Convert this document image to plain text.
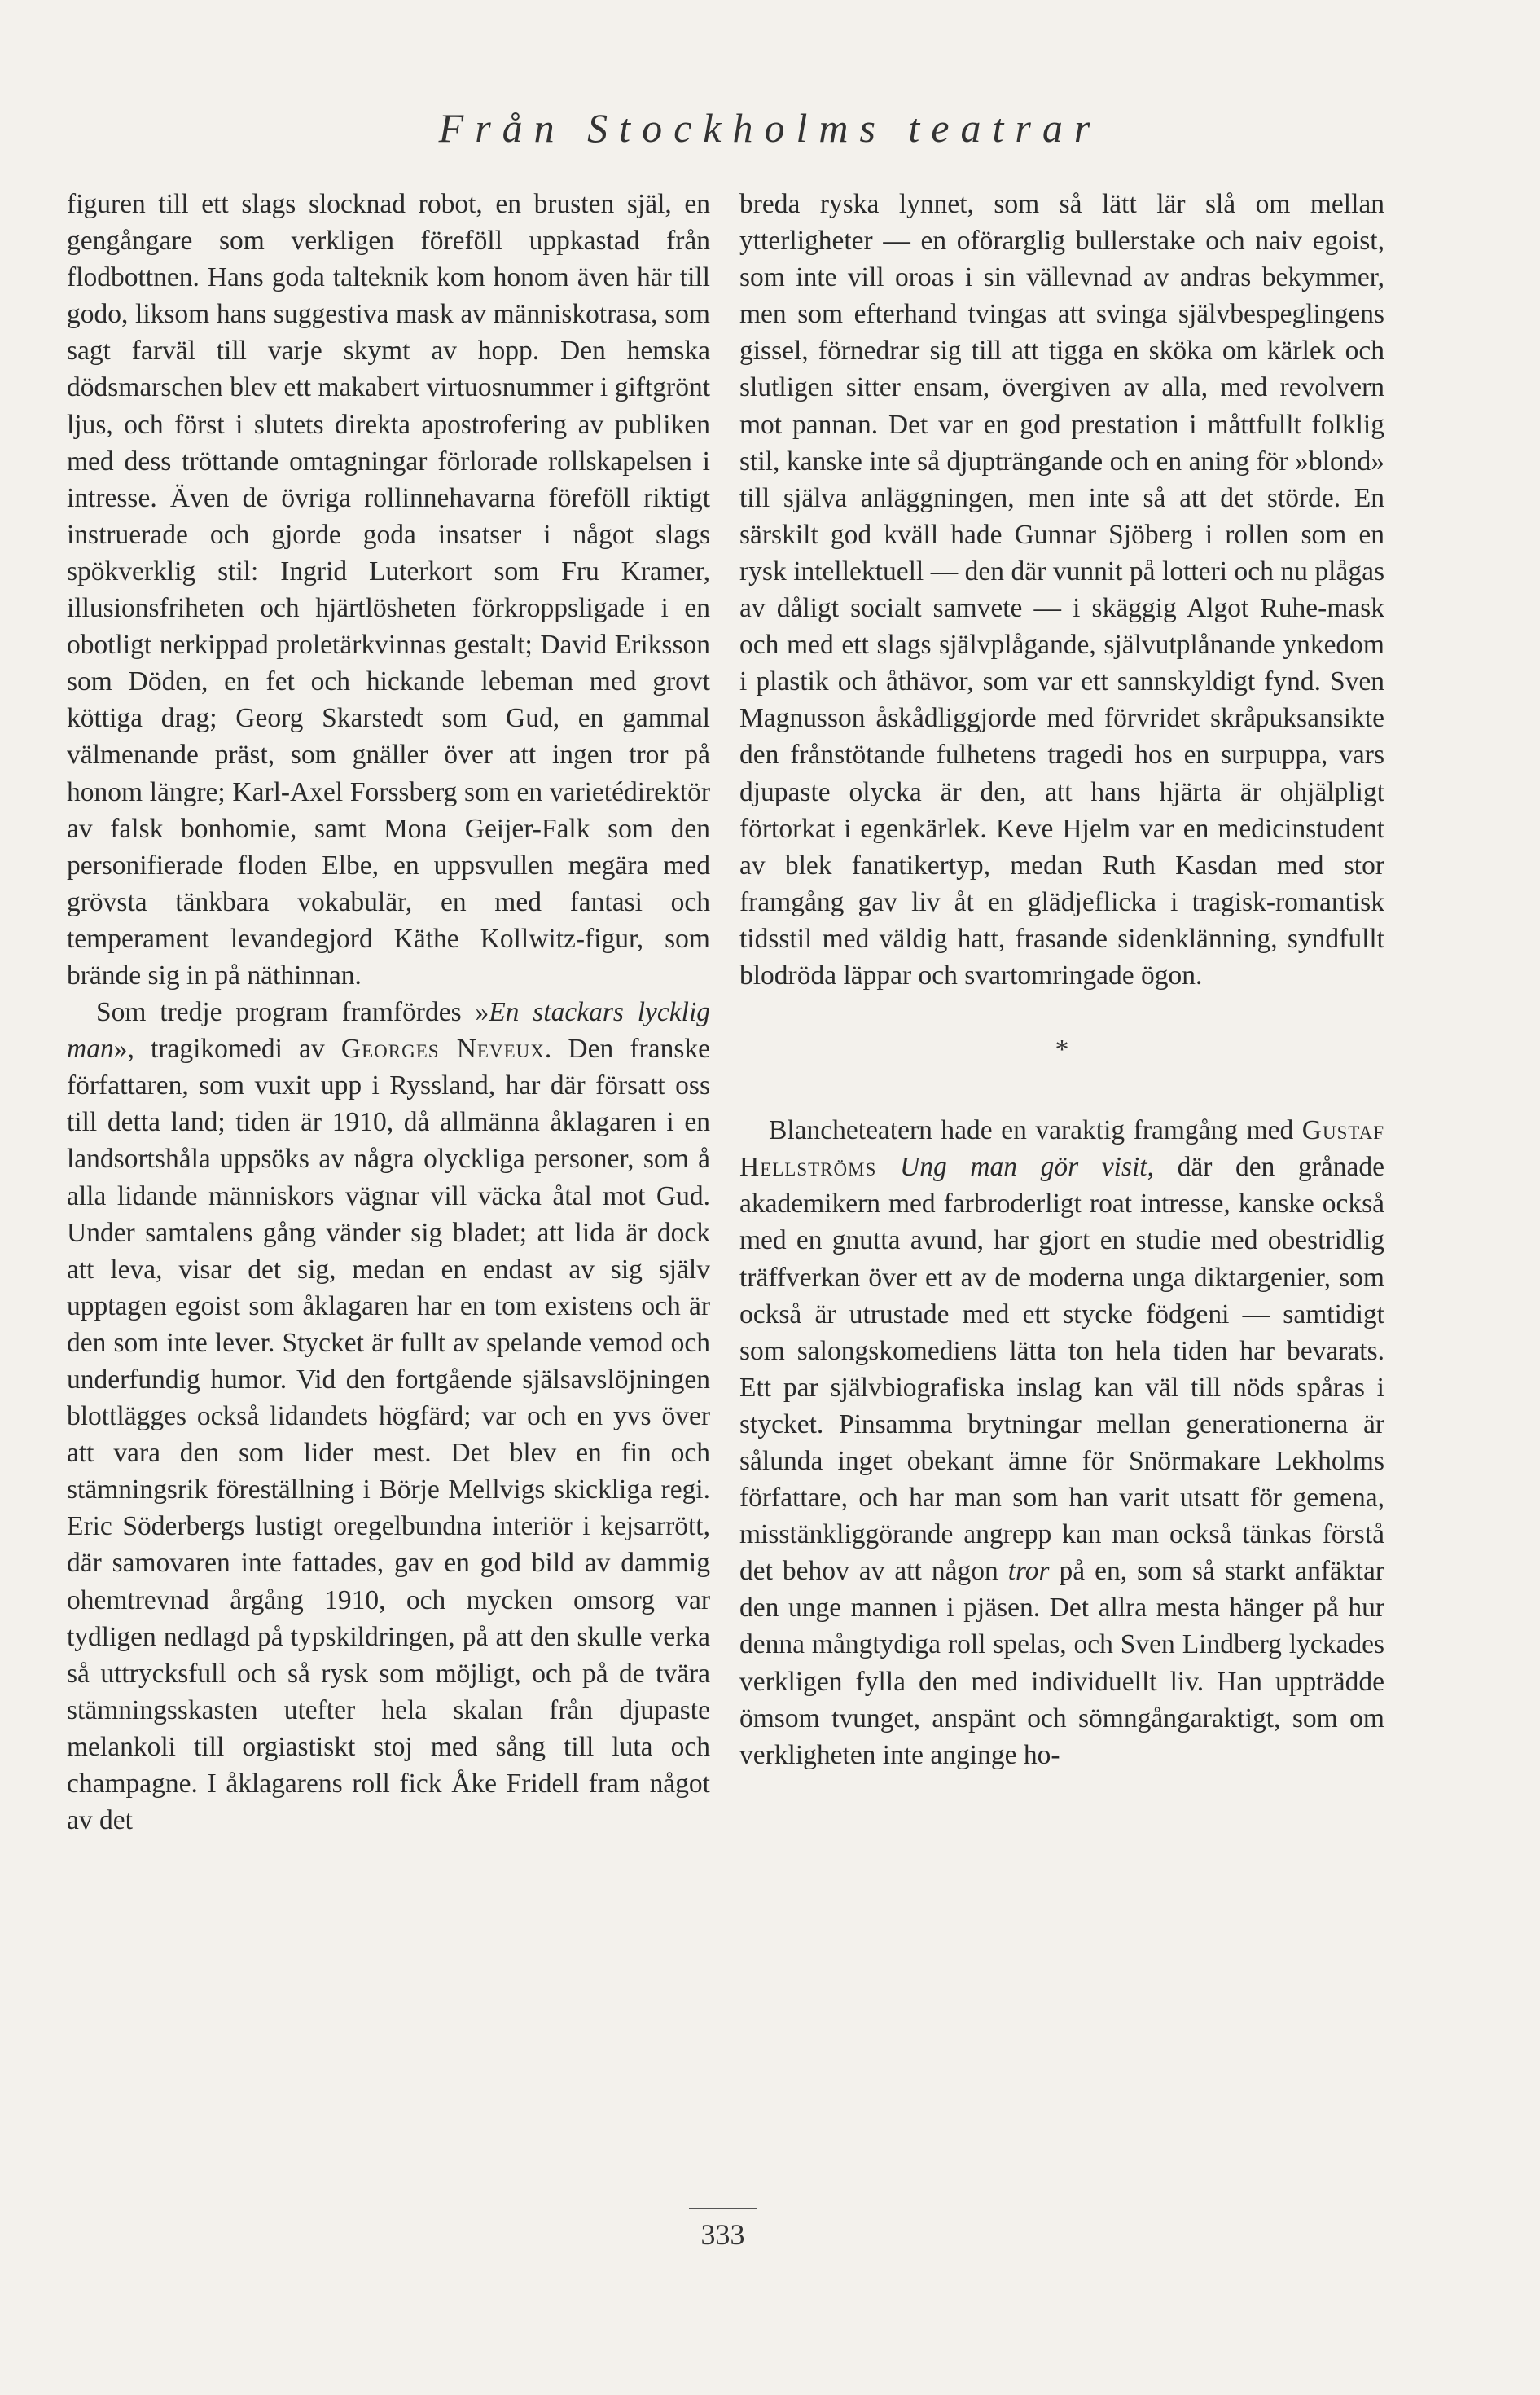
Från Stockholms teatrar

figuren till ett slags slocknad robot, en brusten själ, en gengångare som verkligen föreföll uppkastad från flodbottnen. Hans goda talteknik kom honom även här till godo, liksom hans suggestiva mask av människotrasa, som sagt farväl till varje skymt av hopp. Den hemska dödsmarschen blev ett makabert virtuosnummer i giftgrönt ljus, och först i slutets direkta apostrofering av publiken med dess tröttande omtagningar förlorade rollskapelsen i intresse. Även de övriga rollinnehavarna föreföll riktigt instruerade och gjorde goda insatser i något slags spökverklig stil: Ingrid Luterkort som Fru Kramer, illusionsfriheten och hjärtlösheten förkroppsligade i en obotligt nerkippad proletärkvinnas gestalt; David Eriksson som Döden, en fet och hickande lebeman med grovt köttiga drag; Georg Skarstedt som Gud, en gammal välmenande präst, som gnäller över att ingen tror på honom längre; Karl-Axel Forssberg som en varietédirektör av falsk bonhomie, samt Mona Geijer-Falk som den personifierade floden Elbe, en uppsvullen megära med grövsta tänkbara vokabulär, en med fantasi och temperament levandegjord Käthe Kollwitz-figur, som brände sig in på näthinnan.

Som tredje program framfördes »En stackars lycklig man», tragikomedi av Georges Neveux. Den franske författaren, som vuxit upp i Ryssland, har där försatt oss till detta land; tiden är 1910, då allmänna åklagaren i en landsortshåla uppsöks av några olyckliga personer, som å alla lidande människors vägnar vill väcka åtal mot Gud. Under samtalens gång vänder sig bladet; att lida är dock att leva, visar det sig, medan en endast av sig själv upptagen egoist som åklagaren har en tom existens och är den som inte lever. Stycket är fullt av spelande vemod och underfundig humor. Vid den fortgående själsavslöjningen blottlägges också lidandets högfärd; var och en yvs över att vara den som lider mest. Det blev en fin och stämningsrik föreställning i Börje Mellvigs skickliga regi. Eric Söderbergs lustigt oregelbundna interiör i kejsarrött, där samovaren inte fattades, gav en god bild av dammig ohemtrevnad årgång 1910, och mycken omsorg var tydligen nedlagd på typskildringen, på att den skulle verka så uttrycksfull och så rysk som möjligt, och på de tvära stämningsskasten utefter hela skalan från djupaste melankoli till orgiastiskt stoj med sång till luta och champagne. I åklagarens roll fick Åke Fridell fram något av det

breda ryska lynnet, som så lätt lär slå om mellan ytterligheter — en oförarglig bullerstake och naiv egoist, som inte vill oroas i sin vällevnad av andras bekymmer, men som efterhand tvingas att svinga självbespeglingens gissel, förnedrar sig till att tigga en sköka om kärlek och slutligen sitter ensam, övergiven av alla, med revolvern mot pannan. Det var en god prestation i måttfullt folklig stil, kanske inte så djupträngande och en aning för »blond» till själva anläggningen, men inte så att det störde. En särskilt god kväll hade Gunnar Sjöberg i rollen som en rysk intellektuell — den där vunnit på lotteri och nu plågas av dåligt socialt samvete — i skäggig Algot Ruhe-mask och med ett slags självplågande, självutplånande ynkedom i plastik och åthävor, som var ett sannskyldigt fynd. Sven Magnusson åskådliggjorde med förvridet skråpuksansikte den frånstötande fulhetens tragedi hos en surpuppa, vars djupaste olycka är den, att hans hjärta är ohjälpligt förtorkat i egenkärlek. Keve Hjelm var en medicinstudent av blek fanatikertyp, medan Ruth Kasdan med stor framgång gav liv åt en glädjeflicka i tragisk-romantisk tidsstil med väldig hatt, frasande sidenklänning, syndfullt blodröda läppar och svartomringade ögon.

*

Blancheteatern hade en varaktig framgång med Gustaf Hellströms Ung man gör visit, där den grånade akademikern med farbroderligt roat intresse, kanske också med en gnutta avund, har gjort en studie med obestridlig träffverkan över ett av de moderna unga diktargenier, som också är utrustade med ett stycke födgeni — samtidigt som salongskomediens lätta ton hela tiden har bevarats. Ett par självbiografiska inslag kan väl till nöds spåras i stycket. Pinsamma brytningar mellan generationerna är sålunda inget obekant ämne för Snörmakare Lekholms författare, och har man som han varit utsatt för gemena, misstänkliggörande angrepp kan man också tänkas förstå det behov av att någon tror på en, som så starkt anfäktar den unge mannen i pjäsen. Det allra mesta hänger på hur denna mångtydiga roll spelas, och Sven Lindberg lyckades verkligen fylla den med individuellt liv. Han uppträdde ömsom tvunget, anspänt och sömngångaraktigt, som om verkligheten inte anginge ho-

333
